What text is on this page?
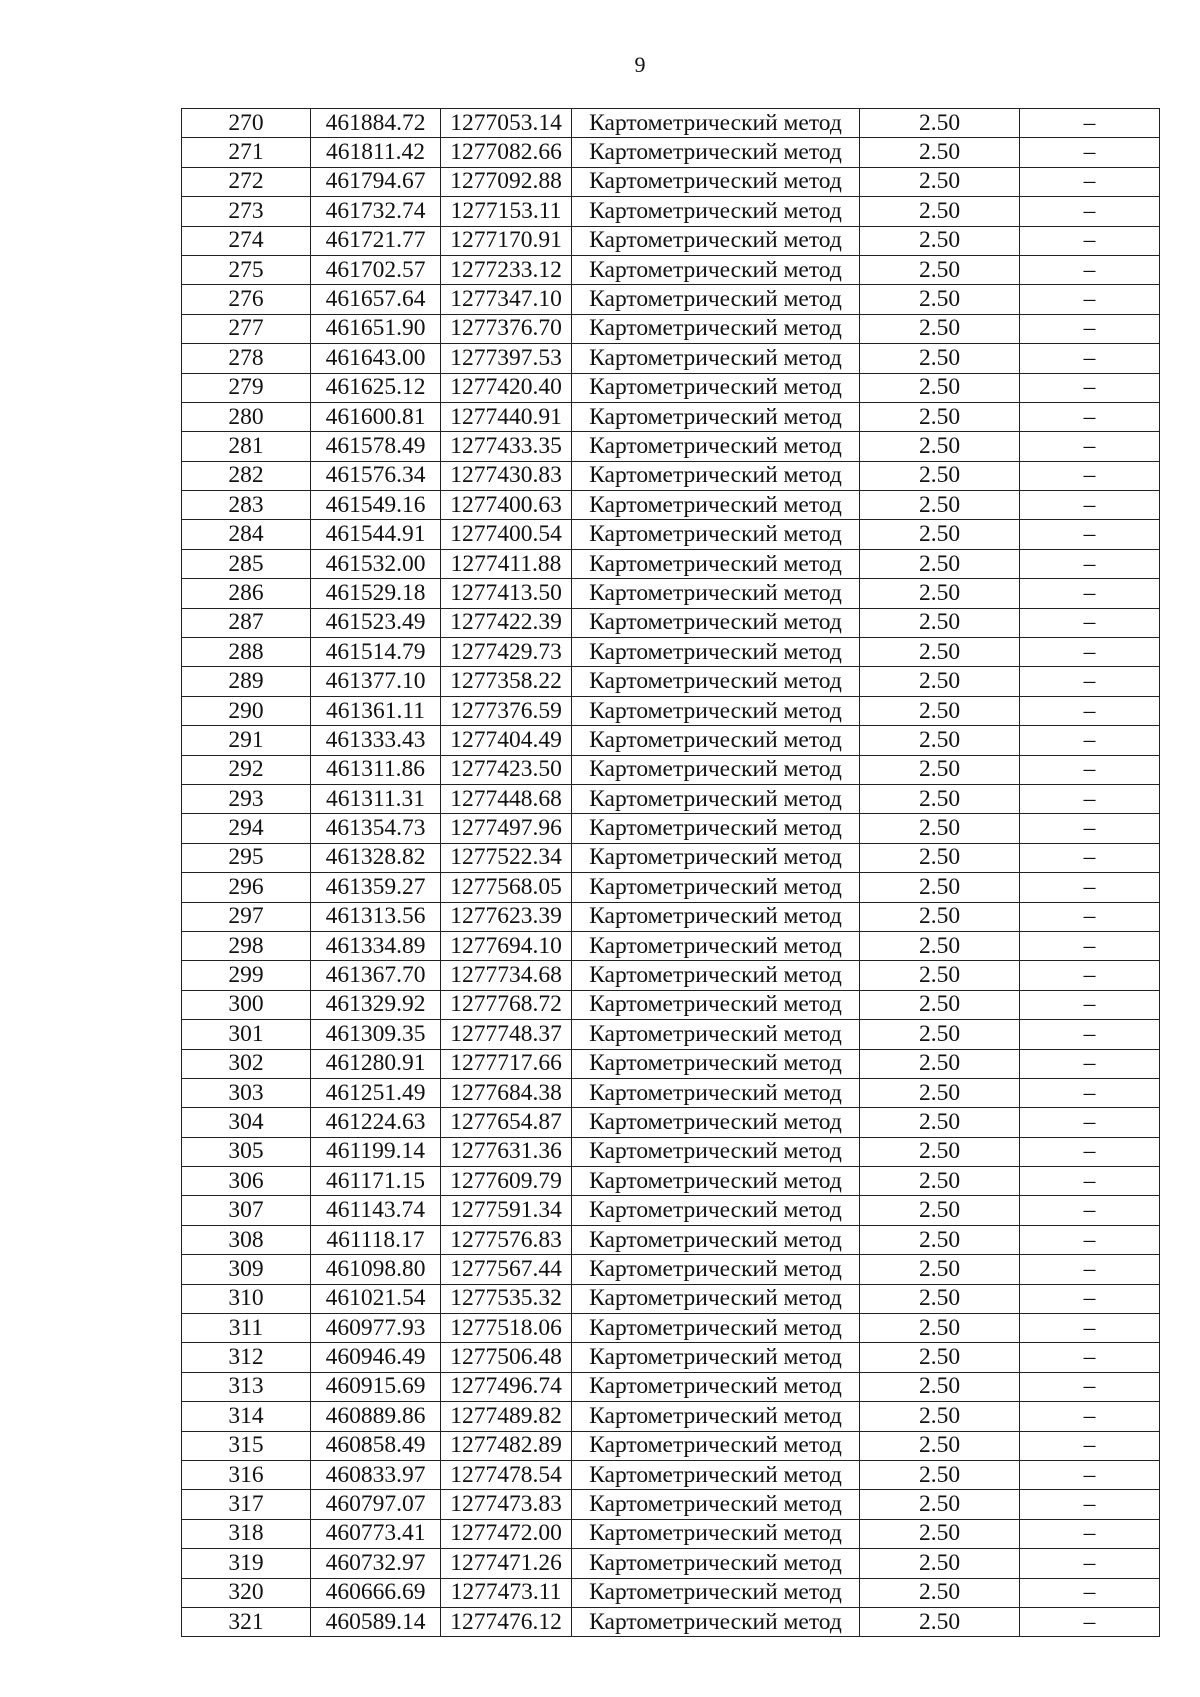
9
270	461884.72	1277053.14	Картометрический метод	2.50	–
271	461811.42	1277082.66	Картометрический метод	2.50	–
272	461794.67	1277092.88	Картометрический метод	2.50	–
273	461732.74	1277153.11	Картометрический метод	2.50	–
274	461721.77	1277170.91	Картометрический метод	2.50	–
275	461702.57	1277233.12	Картометрический метод	2.50	–
276	461657.64	1277347.10	Картометрический метод	2.50	–
277	461651.90	1277376.70	Картометрический метод	2.50	–
278	461643.00	1277397.53	Картометрический метод	2.50	–
279	461625.12	1277420.40	Картометрический метод	2.50	–
280	461600.81	1277440.91	Картометрический метод	2.50	–
281	461578.49	1277433.35	Картометрический метод	2.50	–
282	461576.34	1277430.83	Картометрический метод	2.50	–
283	461549.16	1277400.63	Картометрический метод	2.50	–
284	461544.91	1277400.54	Картометрический метод	2.50	–
285	461532.00	1277411.88	Картометрический метод	2.50	–
286	461529.18	1277413.50	Картометрический метод	2.50	–
287	461523.49	1277422.39	Картометрический метод	2.50	–
288	461514.79	1277429.73	Картометрический метод	2.50	–
289	461377.10	1277358.22	Картометрический метод	2.50	–
290	461361.11	1277376.59	Картометрический метод	2.50	–
291	461333.43	1277404.49	Картометрический метод	2.50	–
292	461311.86	1277423.50	Картометрический метод	2.50	–
293	461311.31	1277448.68	Картометрический метод	2.50	–
294	461354.73	1277497.96	Картометрический метод	2.50	–
295	461328.82	1277522.34	Картометрический метод	2.50	–
296	461359.27	1277568.05	Картометрический метод	2.50	–
297	461313.56	1277623.39	Картометрический метод	2.50	–
298	461334.89	1277694.10	Картометрический метод	2.50	–
299	461367.70	1277734.68	Картометрический метод	2.50	–
300	461329.92	1277768.72	Картометрический метод	2.50	–
301	461309.35	1277748.37	Картометрический метод	2.50	–
302	461280.91	1277717.66	Картометрический метод	2.50	–
303	461251.49	1277684.38	Картометрический метод	2.50	–
304	461224.63	1277654.87	Картометрический метод	2.50	–
305	461199.14	1277631.36	Картометрический метод	2.50	–
306	461171.15	1277609.79	Картометрический метод	2.50	–
307	461143.74	1277591.34	Картометрический метод	2.50	–
308	461118.17	1277576.83	Картометрический метод	2.50	–
309	461098.80	1277567.44	Картометрический метод	2.50	–
310	461021.54	1277535.32	Картометрический метод	2.50	–
311	460977.93	1277518.06	Картометрический метод	2.50	–
312	460946.49	1277506.48	Картометрический метод	2.50	–
313	460915.69	1277496.74	Картометрический метод	2.50	–
314	460889.86	1277489.82	Картометрический метод	2.50	–
315	460858.49	1277482.89	Картометрический метод	2.50	–
316	460833.97	1277478.54	Картометрический метод	2.50	–
317	460797.07	1277473.83	Картометрический метод	2.50	–
318	460773.41	1277472.00	Картометрический метод	2.50	–
319	460732.97	1277471.26	Картометрический метод	2.50	–
320	460666.69	1277473.11	Картометрический метод	2.50	–
321	460589.14	1277476.12	Картометрический метод	2.50	–
